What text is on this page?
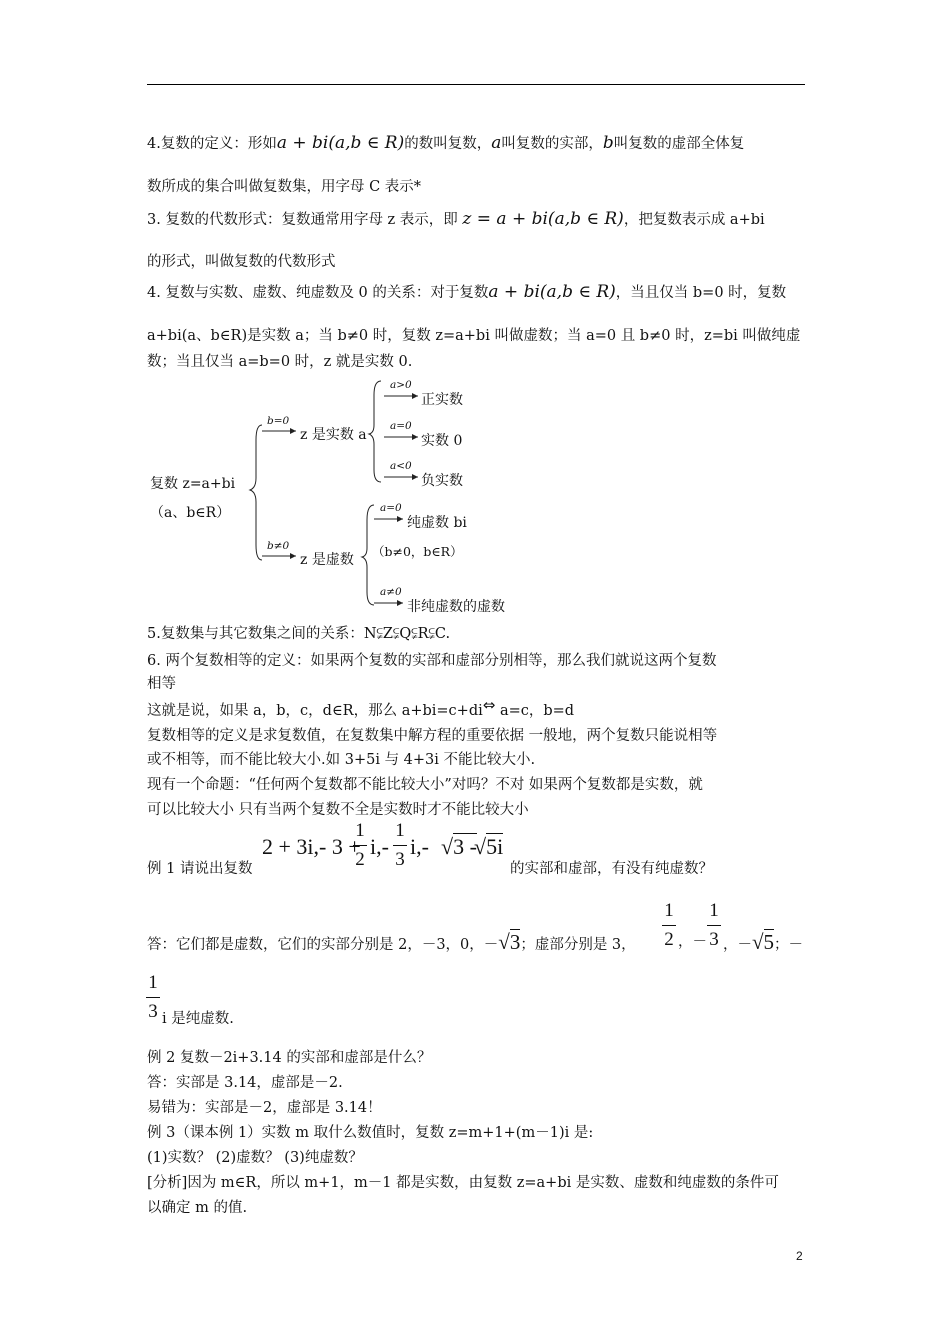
4.复数的定义：形如a + bi(a,b ∈ R)的数叫复数，a叫复数的实部，b叫复数的虚部全体复
数所成的集合叫做复数集，用字母 C 表示*
3. 复数的代数形式：复数通常用字母 z 表示，即 z = a + bi(a,b ∈ R)，把复数表示成 a+bi
的形式，叫做复数的代数形式
4. 复数与实数、虚数、纯虚数及 0 的关系：对于复数a + bi(a,b ∈ R)，当且仅当 b=0 时，复数
a+bi(a、b∈R)是实数 a；当 b≠0 时，复数 z=a+bi 叫做虚数；当 a=0 且 b≠0 时，z=bi 叫做纯虚
数；当且仅当 a=b=0 时，z 就是实数 0.
复数 z=a+bi
（a、b∈R）
b=0
z 是实数 a
a>0
正实数
a=0
实数 0
a<0
负实数
b≠0
z 是虚数
a=0
纯虚数 bi
（b≠0，b∈R）
a≠0
非纯虚数的虚数
5.复数集与其它数集之间的关系：N⫋Z⫋Q⫋R⫋C.
6. 两个复数相等的定义：如果两个复数的实部和虚部分别相等，那么我们就说这两个复数
相等
这就是说，如果 a，b，c，d∈R，那么 a+bi=c+di⇔ a=c，b=d
复数相等的定义是求复数值，在复数集中解方程的重要依据 一般地，两个复数只能说相等
或不相等，而不能比较大小.如 3+5i 与 4+3i 不能比较大小.
现有一个命题：“任何两个复数都不能比较大小”对吗？不对 如果两个复数都是实数，就
可以比较大小 只有当两个复数不全是实数时才不能比较大小
例 1 请说出复数	的实部和虚部，有没有纯虚数？
2 + 3i,- 3 +
1
2
i,-
1
3
i,- √3 -
√5i
答：它们都是虚数，它们的实部分别是 2，－3，0，－√3；虚部分别是 3，
1
2 ，－
1
3 ，－√5；－
1
3 i 是纯虚数.
例 2 复数－2i+3.14 的实部和虚部是什么？
答：实部是 3.14，虚部是－2.
易错为：实部是－2，虚部是 3.14！
例 3（课本例 1）实数 m 取什么数值时，复数 z=m+1+(m－1)i 是:
(1)实数？ (2)虚数？ (3)纯虚数？
[分析]因为 m∈R，所以 m+1，m－1 都是实数，由复数 z=a+bi 是实数、虚数和纯虚数的条件可
以确定 m 的值.
2
